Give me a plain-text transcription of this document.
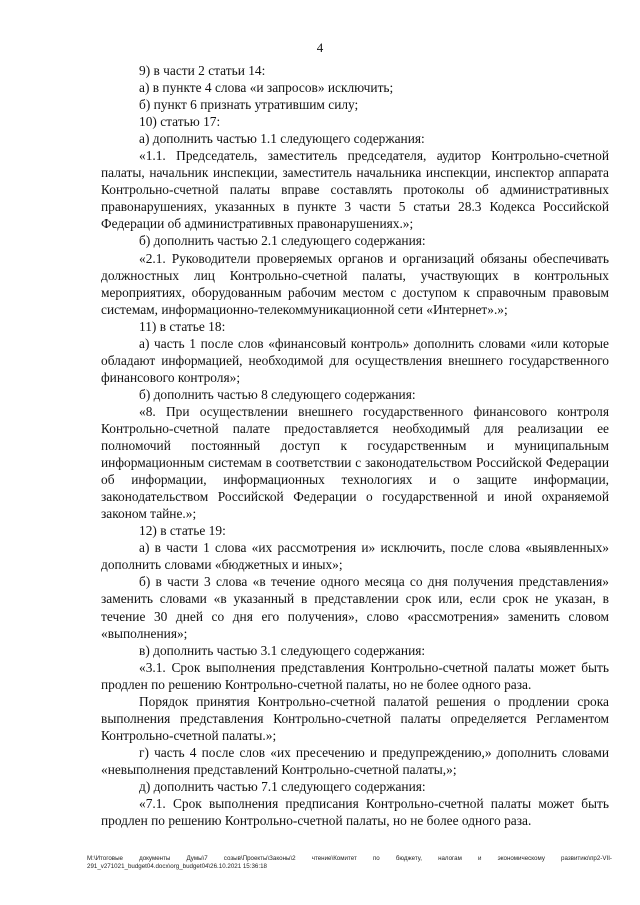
4

9) в части 2 статьи 14:

а) в пункте 4 слова «и запросов» исключить;

б) пункт 6 признать утратившим силу;

10) статью 17:

а) дополнить частью 1.1 следующего содержания:

«1.1. Председатель, заместитель председателя, аудитор Контрольно-счетной палаты, начальник инспекции, заместитель начальника инспекции, инспектор аппарата Контрольно-счетной палаты вправе составлять протоколы об административных правонарушениях, указанных в пункте 3 части 5 статьи 28.3 Кодекса Российской Федерации об административных правонарушениях.»;

б) дополнить частью 2.1 следующего содержания:

«2.1. Руководители проверяемых органов и организаций обязаны обеспечивать должностных лиц Контрольно-счетной палаты, участвующих в контрольных мероприятиях, оборудованным рабочим местом с доступом к справочным правовым системам, информационно-телекоммуникационной сети «Интернет».»;

11) в статье 18:

а) часть 1 после слов «финансовый контроль» дополнить словами «или которые обладают информацией, необходимой для осуществления внешнего государственного финансового контроля»;

б) дополнить частью 8 следующего содержания:

«8. При осуществлении внешнего государственного финансового контроля Контрольно-счетной палате предоставляется необходимый для реализации ее полномочий постоянный доступ к государственным и муниципальным информационным системам в соответствии с законодательством Российской Федерации об информации, информационных технологиях и о защите информации, законодательством Российской Федерации о государственной и иной охраняемой законом тайне.»;

12) в статье 19:

а) в части 1 слова «их рассмотрения и» исключить, после слова «выявленных» дополнить словами «бюджетных и иных»;

б) в части 3 слова «в течение одного месяца со дня получения представления» заменить словами «в указанный в представлении срок или, если срок не указан, в течение 30 дней со дня его получения», слово «рассмотрения» заменить словом «выполнения»;

в) дополнить частью 3.1 следующего содержания:

«3.1. Срок выполнения представления Контрольно-счетной палаты может быть продлен по решению Контрольно-счетной палаты, но не более одного раза.

Порядок принятия Контрольно-счетной палатой решения о продлении срока выполнения представления Контрольно-счетной палаты определяется Регламентом Контрольно-счетной палаты.»;

г) часть 4 после слов «их пресечению и предупреждению,» дополнить словами «невыполнения представлений Контрольно-счетной палаты,»;

д) дополнить частью 7.1 следующего содержания:

«7.1. Срок выполнения предписания Контрольно-счетной палаты может быть продлен по решению Контрольно-счетной палаты, но не более одного раза.

M:\Итоговые документы Думы\7 созыв\Проекты\Законы\2 чтение\Комитет по бюджету, налогам и экономическому развитию\пр2-VII-291_v271021_budget04.docx\org_budget04\26.10.2021 15:36:18
